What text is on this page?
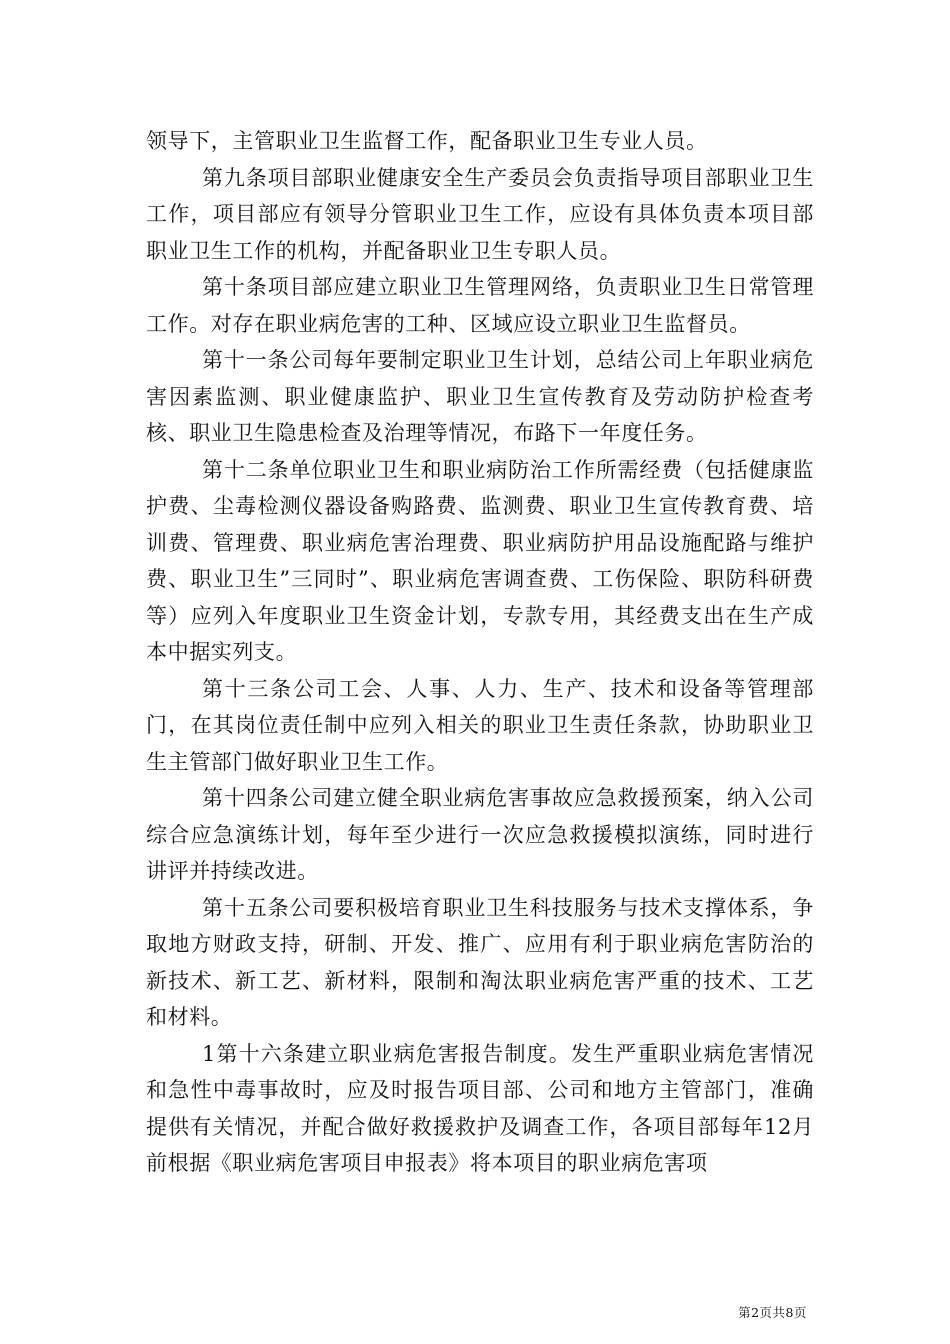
领导下，主管职业卫生监督工作，配备职业卫生专业人员。

第九条项目部职业健康安全生产委员会负责指导项目部职业卫生工作，项目部应有领导分管职业卫生工作，应设有具体负责本项目部职业卫生工作的机构，并配备职业卫生专职人员。

第十条项目部应建立职业卫生管理网络，负责职业卫生日常管理工作。对存在职业病危害的工种、区域应设立职业卫生监督员。

第十一条公司每年要制定职业卫生计划，总结公司上年职业病危害因素监测、职业健康监护、职业卫生宣传教育及劳动防护检查考核、职业卫生隐患检查及治理等情况，布路下一年度任务。

第十二条单位职业卫生和职业病防治工作所需经费（包括健康监护费、尘毒检测仪器设备购路费、监测费、职业卫生宣传教育费、培训费、管理费、职业病危害治理费、职业病防护用品设施配路与维护费、职业卫生”三同时”、职业病危害调查费、工伤保险、职防科研费等）应列入年度职业卫生资金计划，专款专用，其经费支出在生产成本中据实列支。

第十三条公司工会、人事、人力、生产、技术和设备等管理部门，在其岗位责任制中应列入相关的职业卫生责任条款，协助职业卫生主管部门做好职业卫生工作。

第十四条公司建立健全职业病危害事故应急救援预案，纳入公司综合应急演练计划，每年至少进行一次应急救援模拟演练，同时进行讲评并持续改进。

第十五条公司要积极培育职业卫生科技服务与技术支撑体系，争取地方财政支持，研制、开发、推广、应用有利于职业病危害防治的新技术、新工艺、新材料，限制和淘汰职业病危害严重的技术、工艺和材料。

1第十六条建立职业病危害报告制度。发生严重职业病危害情况和急性中毒事故时，应及时报告项目部、公司和地方主管部门，准确提供有关情况，并配合做好救援救护及调查工作，各项目部每年12月前根据《职业病危害项目申报表》将本项目的职业病危害项

第2页共8页
